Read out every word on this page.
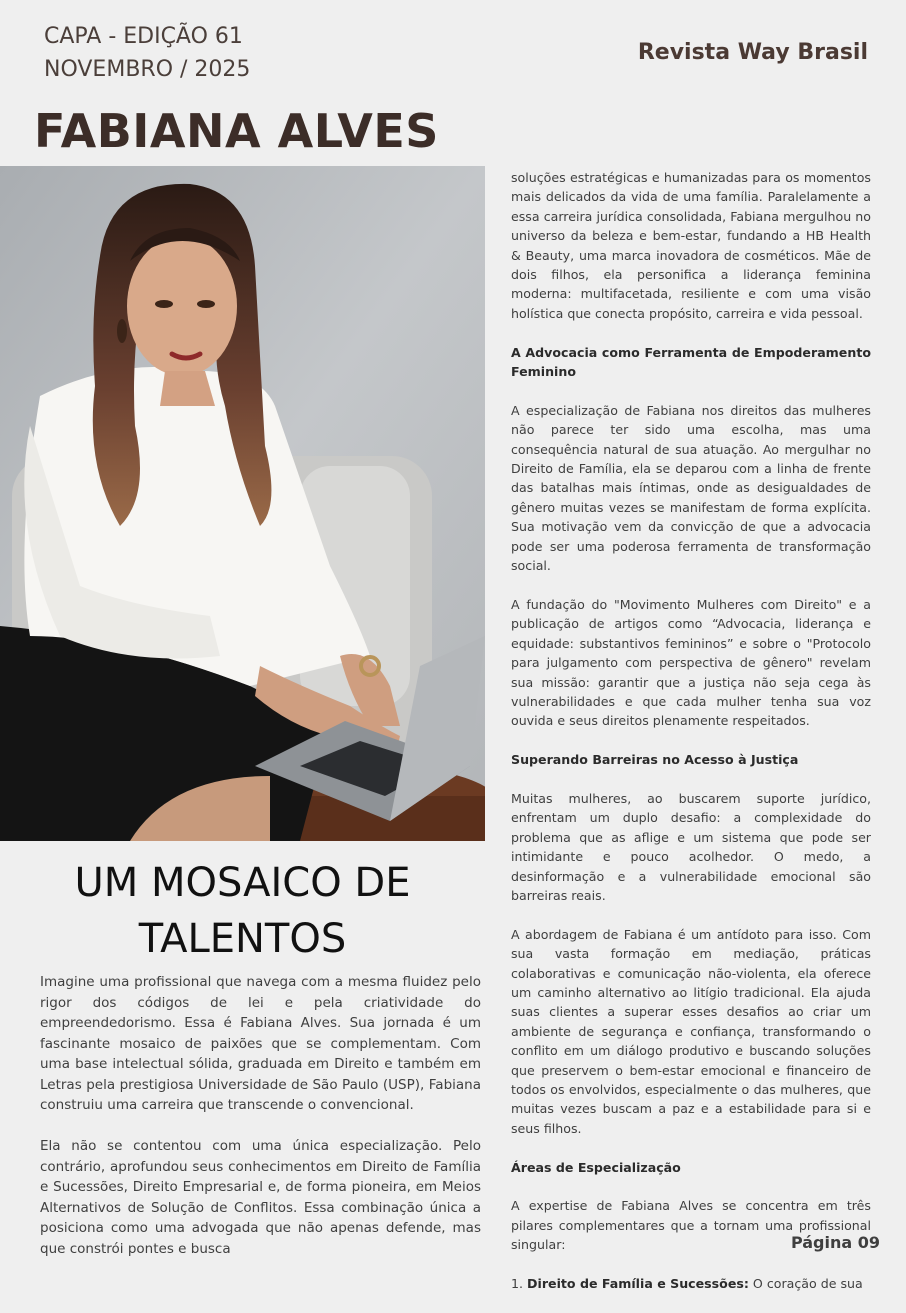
CAPA - EDIÇÃO 61
NOVEMBRO / 2025
Revista Way Brasil
FABIANA ALVES
UM MOSAICO DE
TALENTOS

Imagine uma profissional que navega com a mesma fluidez pelo rigor dos códigos de lei e pela criatividade do empreendedorismo. Essa é Fabiana Alves. Sua jornada é um fascinante mosaico de paixões que se complementam. Com uma base intelectual sólida, graduada em Direito e também em Letras pela prestigiosa Universidade de São Paulo (USP), Fabiana construiu uma carreira que transcende o convencional.

Ela não se contentou com uma única especialização. Pelo contrário, aprofundou seus conhecimentos em Direito de Família e Sucessões, Direito Empresarial e, de forma pioneira, em Meios Alternativos de Solução de Conflitos. Essa combinação única a posiciona como uma advogada que não apenas defende, mas que constrói pontes e busca

soluções estratégicas e humanizadas para os momentos mais delicados da vida de uma família. Paralelamente a essa carreira jurídica consolidada, Fabiana mergulhou no universo da beleza e bem-estar, fundando a HB Health & Beauty, uma marca inovadora de cosméticos. Mãe de dois filhos, ela personifica a liderança feminina moderna: multifacetada, resiliente e com uma visão holística que conecta propósito, carreira e vida pessoal.

A Advocacia como Ferramenta de Empoderamento Feminino

A especialização de Fabiana nos direitos das mulheres não parece ter sido uma escolha, mas uma consequência natural de sua atuação. Ao mergulhar no Direito de Família, ela se deparou com a linha de frente das batalhas mais íntimas, onde as desigualdades de gênero muitas vezes se manifestam de forma explícita. Sua motivação vem da convicção de que a advocacia pode ser uma poderosa ferramenta de transformação social.

A fundação do "Movimento Mulheres com Direito" e a publicação de artigos como “Advocacia, liderança e equidade: substantivos femininos” e sobre o "Protocolo para julgamento com perspectiva de gênero" revelam sua missão: garantir que a justiça não seja cega às vulnerabilidades e que cada mulher tenha sua voz ouvida e seus direitos plenamente respeitados.

Superando Barreiras no Acesso à Justiça

Muitas mulheres, ao buscarem suporte jurídico, enfrentam um duplo desafio: a complexidade do problema que as aflige e um sistema que pode ser intimidante e pouco acolhedor. O medo, a desinformação e a vulnerabilidade emocional são barreiras reais.

A abordagem de Fabiana é um antídoto para isso. Com sua vasta formação em mediação, práticas colaborativas e comunicação não-violenta, ela oferece um caminho alternativo ao litígio tradicional. Ela ajuda suas clientes a superar esses desafios ao criar um ambiente de segurança e confiança, transformando o conflito em um diálogo produtivo e buscando soluções que preservem o bem-estar emocional e financeiro de todos os envolvidos, especialmente o das mulheres, que muitas vezes buscam a paz e a estabilidade para si e seus filhos.

Áreas de Especialização

A expertise de Fabiana Alves se concentra em três pilares complementares que a tornam uma profissional singular:

1. Direito de Família e Sucessões: O coração de sua

Página 09
